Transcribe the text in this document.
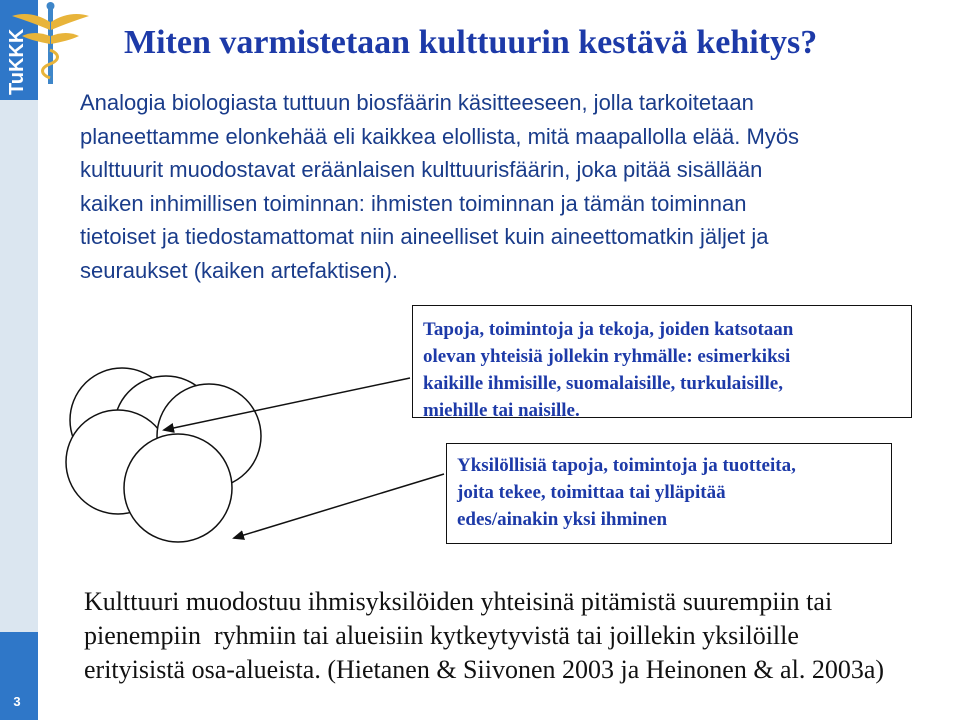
3
TuKKK	Miten varmistetaan kulttuurin kestävä kehitys?
Analogia biologiasta tuttuun biosfäärin käsitteeseen, jolla tarkoitetaan
planeettamme elonkehää eli kaikkea elollista, mitä maapallolla elää. Myös
kulttuurit muodostavat eräänlaisen kulttuurisfäärin, joka pitää sisällään
kaiken inhimillisen toiminnan: ihmisten toiminnan ja tämän toiminnan
tietoiset ja tiedostamattomat niin aineelliset kuin aineettomatkin jäljet ja
seuraukset (kaiken artefaktisen).
Tapoja, toimintoja ja tekoja, joiden katsotaan
olevan yhteisiä jollekin ryhmälle: esimerkiksi
kaikille ihmisille, suomalaisille, turkulaisille,
miehille tai naisille.
Yksilöllisiä tapoja, toimintoja ja tuotteita,
joita tekee, toimittaa tai ylläpitää
edes/ainakin yksi ihminen
Kulttuuri muodostuu ihmisyksilöiden yhteisinä pitämistä suurempiin tai
pienempiin  ryhmiin tai alueisiin kytkeytyvistä tai joillekin yksilöille
erityisistä osa-alueista. (Hietanen & Siivonen 2003 ja Heinonen & al. 2003a)
